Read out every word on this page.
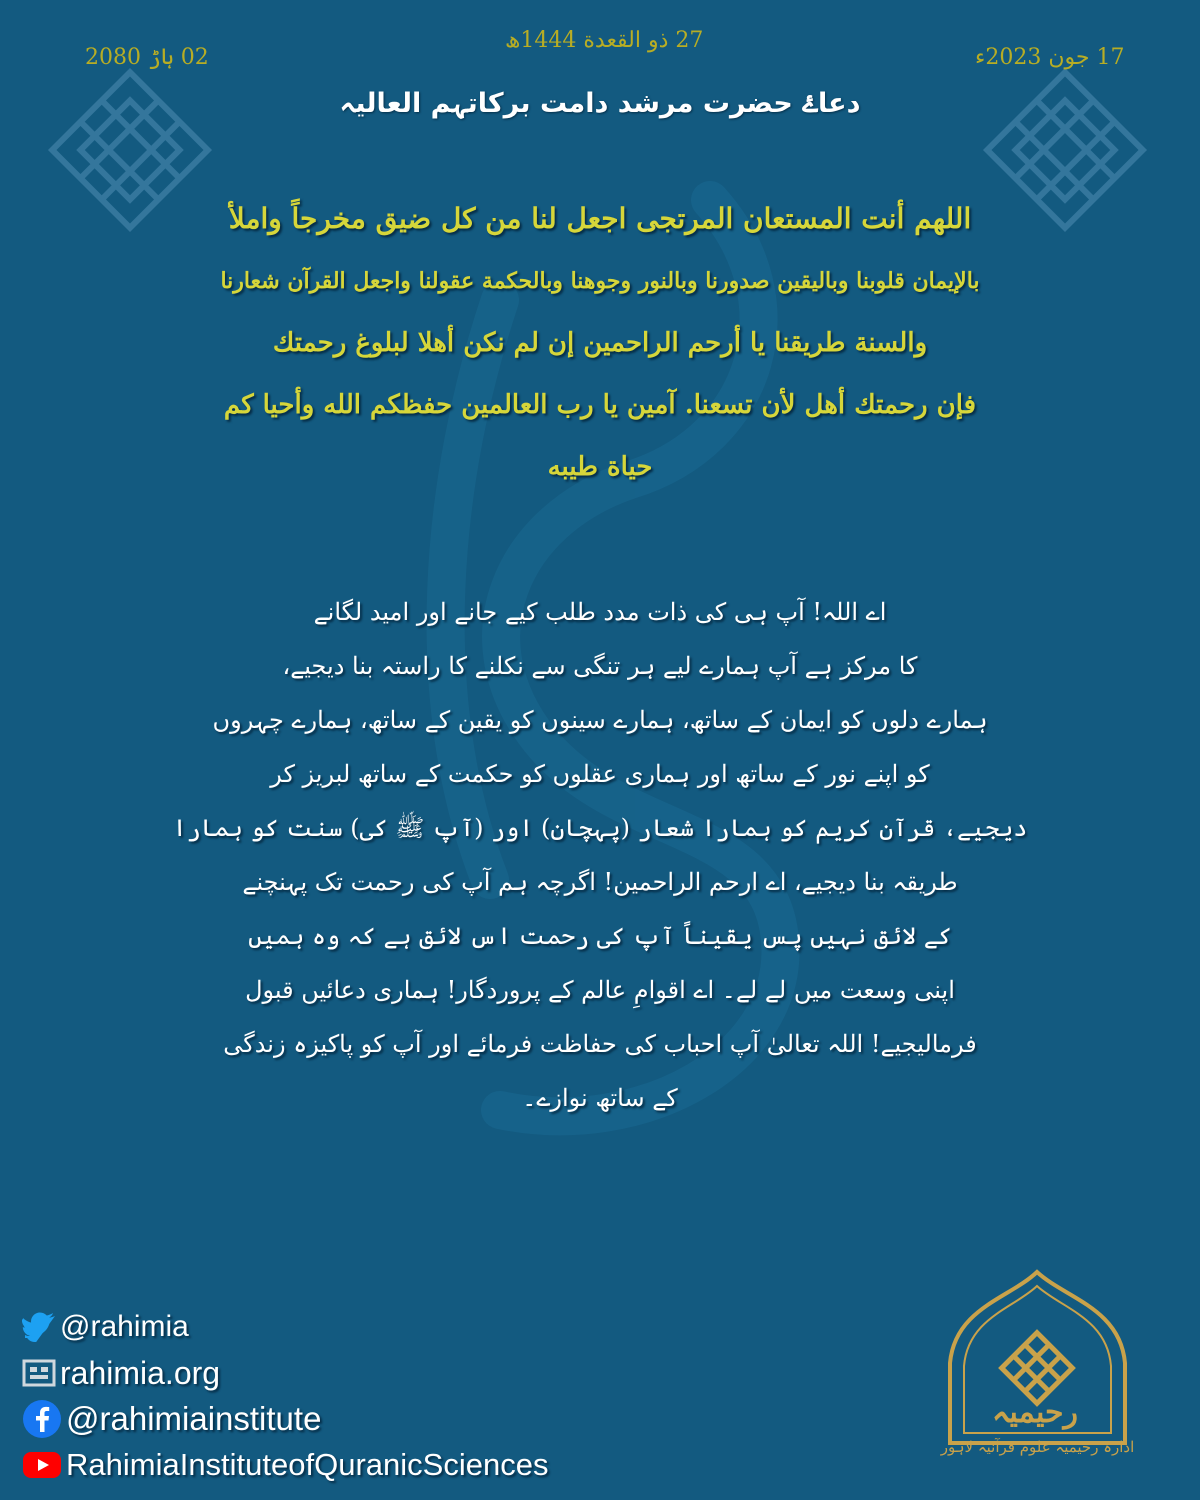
17 جون 2023ء
27 ذو القعدة 1444ھ
02 ہاڑ 2080
دعاۓ حضرت مرشد دامت برکاتہم العالیہ
اللهم أنت المستعان المرتجى اجعل لنا من كل ضيق مخرجاً واملأ
بالإيمان قلوبنا وباليقين صدورنا وبالنور وجوهنا وبالحكمة عقولنا واجعل القرآن شعارنا
والسنة طريقنا يا أرحم الراحمين إن لم نكن أهلا لبلوغ رحمتك
فإن رحمتك أهل لأن تسعنا. آمين يا رب العالمين حفظكم الله وأحيا كم
حياة طيبه
اے اللہ! آپ ہی کی ذات مدد طلب کیے جانے اور امید لگانے
کا مرکز ہے آپ ہمارے لیے ہر تنگی سے نکلنے کا راستہ بنا دیجیے،
ہمارے دلوں کو ایمان کے ساتھ، ہمارے سینوں کو یقین کے ساتھ، ہمارے چہروں
کو اپنے نور کے ساتھ اور ہماری عقلوں کو حکمت کے ساتھ لبریز کر
دیجیے، قرآن کریم کو ہمارا شعار (پہچان) اور (آپ ﷺ کی) سنت کو ہمارا
طریقہ بنا دیجیے، اے ارحم الراحمین! اگرچہ ہم آپ کی رحمت تک پہنچنے
کے لائق نہیں پس یقیناً آپ کی رحمت اس لائق ہے کہ وہ ہمیں
اپنی وسعت میں لے لے۔ اے اقوامِ عالم کے پروردگار! ہماری دعائیں قبول
فرمالیجیے! اللہ تعالیٰ آپ احباب کی حفاظت فرمائے اور آپ کو پاکیزہ زندگی
کے ساتھ نوازے۔
@rahimia
rahimia.org
@rahimiainstitute
RahimiaInstituteofQuranicSciences
رحیمیہ
ادارہ رحیمیہ علوم قرآنیہ لاہور
